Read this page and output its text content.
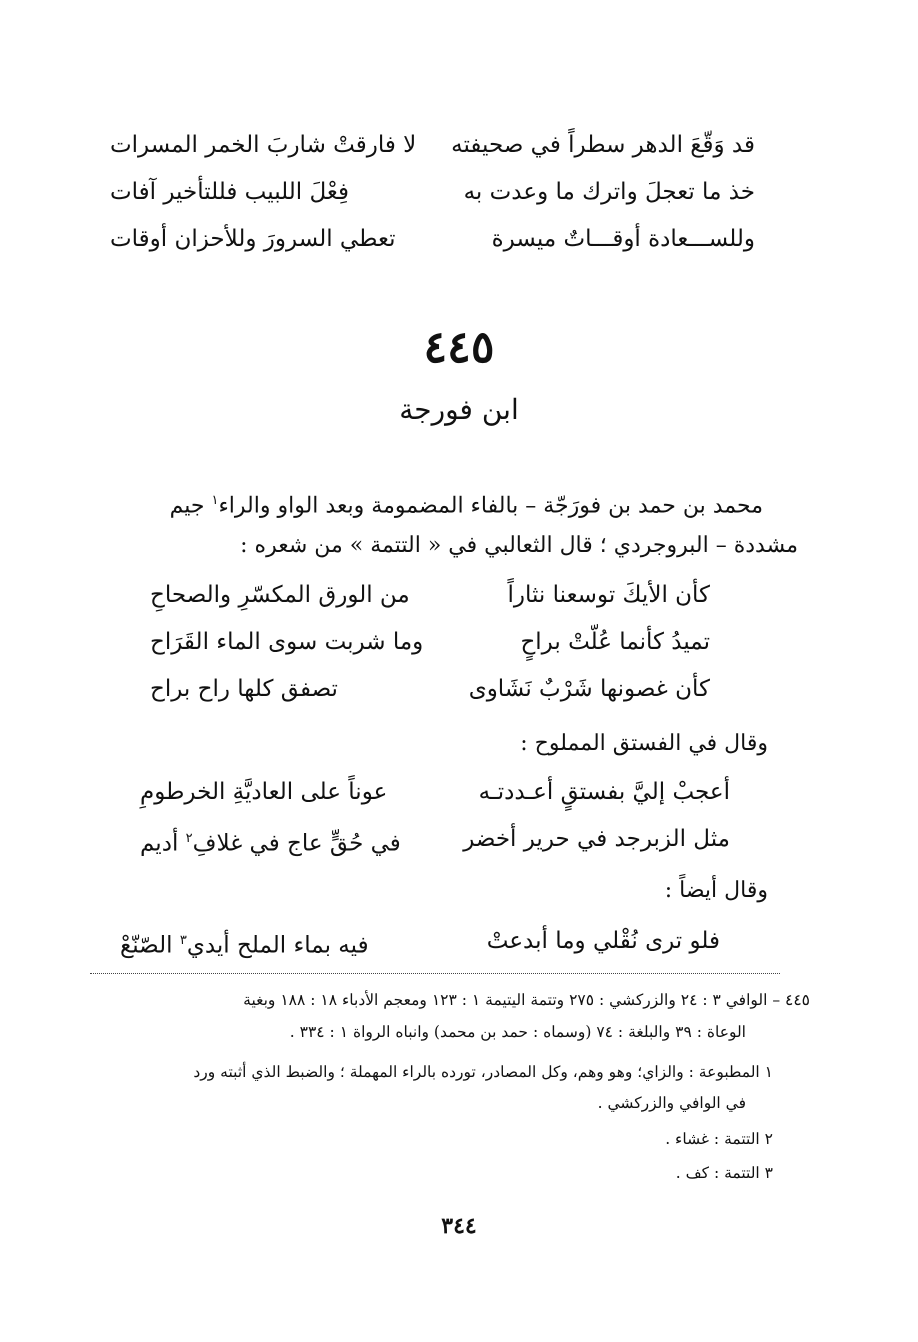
قد وَقّعَ الدهر سطراً في صحيفته
لا فارقتْ شاربَ الخمر المسرات
خذ ما تعجلَ واترك ما وعدت به
فِعْلَ اللبيب فللتأخير آفات
وللســـعادة أوقـــاتٌ ميسرة
تعطي السرورَ وللأحزان أوقات
٤٤٥
ابن فورجة
محمد بن حمد بن فورَجّة – بالفاء المضمومة وبعد الواو والراء$^١$ جيم
مشددة – البروجردي ؛ قال الثعالبي في « التتمة » من شعره :
كأن الأيكَ توسعنا نثاراً
من الورق المكسّرِ والصحاحِ
تميدُ كأنما عُلّتْ براحٍ
وما شربت سوى الماء القَرَاح
كأن غصونها شَرْبٌ نَشَاوى
تصفق كلها راح براح
وقال في الفستق المملوح :
أعجبْ إليَّ بفستقٍ أعـددتـه
عوناً على العاديَّةِ الخرطومِ
مثل الزبرجد في حرير أخضر
في حُقٍّ عاج في غلافِ$^٢$ أديم
وقال أيضاً :
فلو ترى نُقْلي وما أبدعتْ
فيه بماء الملح أيدي$^٣$ الصّنّعْ
٤٤٥ – الوافي ٣ : ٢٤ والزركشي : ٢٧٥ وتتمة اليتيمة ١ : ١٢٣ ومعجم الأدباء ١٨ : ١٨٨ وبغية
الوعاة : ٣٩ والبلغة : ٧٤ (وسماه : حمد بن محمد) وانباه الرواة ١ : ٣٣٤ .
١ المطبوعة : والزاي؛ وهو وهم، وكل المصادر، تورده بالراء المهملة ؛ والضبط الذي أثبته ورد
في الوافي والزركشي .
٢ التتمة : غشاء .
٣ التتمة : كف .
٣٤٤
